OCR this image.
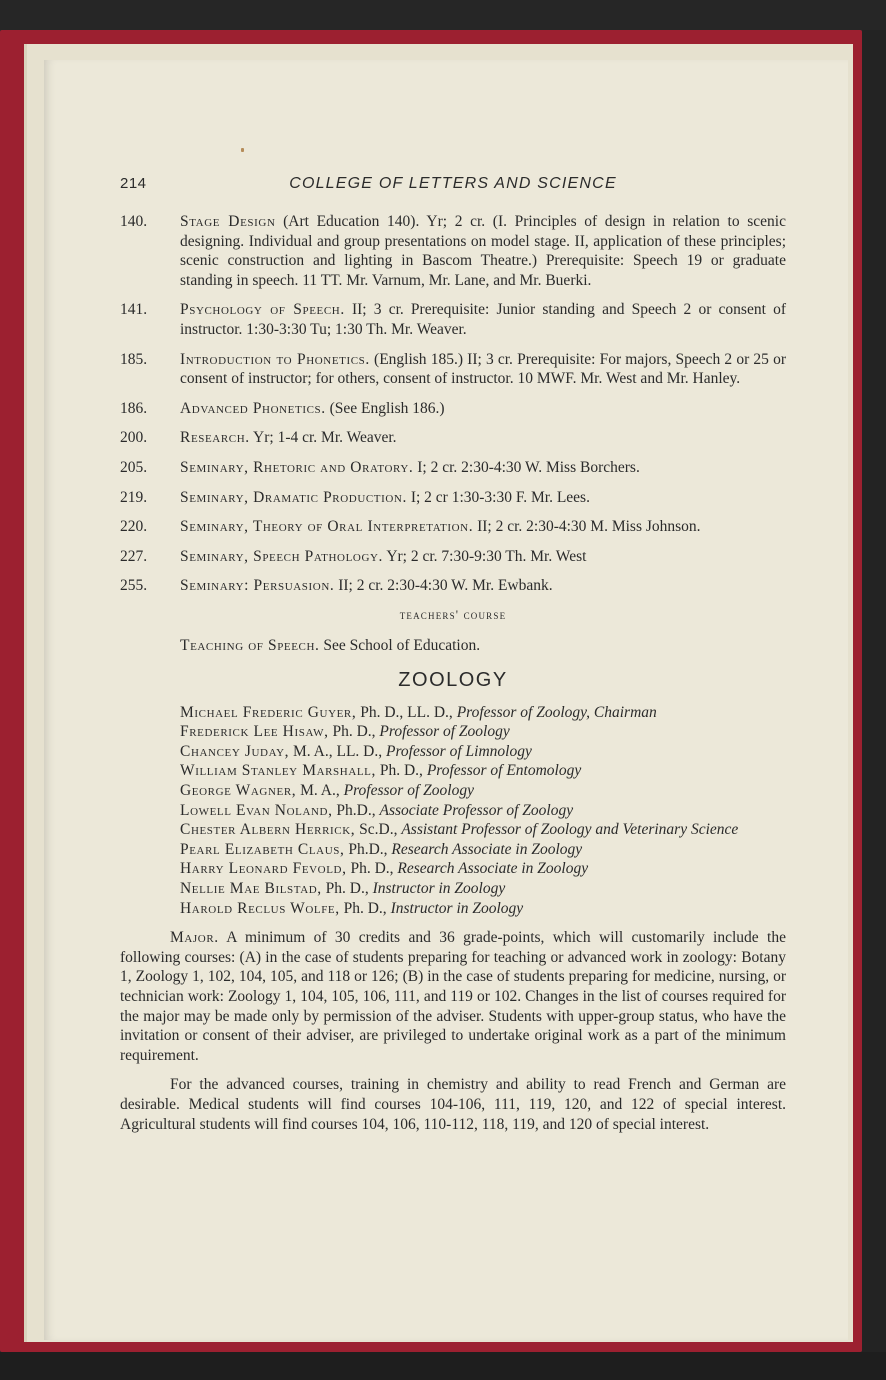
214	COLLEGE OF LETTERS AND SCIENCE
140.	Stage Design (Art Education 140). Yr; 2 cr. (I. Principles of design in relation to scenic designing. Individual and group presentations on model stage. II, application of these principles; scenic construction and lighting in Bascom Theatre.) Prerequisite: Speech 19 or graduate standing in speech. 11 TT. Mr. Varnum, Mr. Lane, and Mr. Buerki.
141.	Psychology of Speech. II; 3 cr. Prerequisite: Junior standing and Speech 2 or consent of instructor. 1:30-3:30 Tu; 1:30 Th. Mr. Weaver.
185.	Introduction to Phonetics. (English 185.) II; 3 cr. Prerequisite: For majors, Speech 2 or 25 or consent of instructor; for others, consent of instructor. 10 MWF. Mr. West and Mr. Hanley.
186.	Advanced Phonetics. (See English 186.)
200.	Research. Yr; 1-4 cr. Mr. Weaver.
205.	Seminary, Rhetoric and Oratory. I; 2 cr. 2:30-4:30 W. Miss Borchers.
219.	Seminary, Dramatic Production. I; 2 cr 1:30-3:30 F. Mr. Lees.
220.	Seminary, Theory of Oral Interpretation. II; 2 cr. 2:30-4:30 M. Miss Johnson.
227.	Seminary, Speech Pathology. Yr; 2 cr. 7:30-9:30 Th. Mr. West
255.	Seminary: Persuasion. II; 2 cr. 2:30-4:30 W. Mr. Ewbank.
teachers' course
Teaching of Speech. See School of Education.
ZOOLOGY
Michael Frederic Guyer, Ph. D., LL. D., Professor of Zoology, Chairman
Frederick Lee Hisaw, Ph. D., Professor of Zoology
Chancey Juday, M. A., LL. D., Professor of Limnology
William Stanley Marshall, Ph. D., Professor of Entomology
George Wagner, M. A., Professor of Zoology
Lowell Evan Noland, Ph.D., Associate Professor of Zoology
Chester Albern Herrick, Sc.D., Assistant Professor of Zoology and Veterinary Science
Pearl Elizabeth Claus, Ph.D., Research Associate in Zoology
Harry Leonard Fevold, Ph. D., Research Associate in Zoology
Nellie Mae Bilstad, Ph. D., Instructor in Zoology
Harold Reclus Wolfe, Ph. D., Instructor in Zoology
Major. A minimum of 30 credits and 36 grade-points, which will customarily include the following courses: (A) in the case of students preparing for teaching or advanced work in zoology: Botany 1, Zoology 1, 102, 104, 105, and 118 or 126; (B) in the case of students preparing for medicine, nursing, or technician work: Zoology 1, 104, 105, 106, 111, and 119 or 102. Changes in the list of courses required for the major may be made only by permission of the adviser. Students with upper-group status, who have the invitation or consent of their adviser, are privileged to undertake original work as a part of the minimum requirement.
For the advanced courses, training in chemistry and ability to read French and German are desirable. Medical students will find courses 104-106, 111, 119, 120, and 122 of special interest. Agricultural students will find courses 104, 106, 110-112, 118, 119, and 120 of special interest.
